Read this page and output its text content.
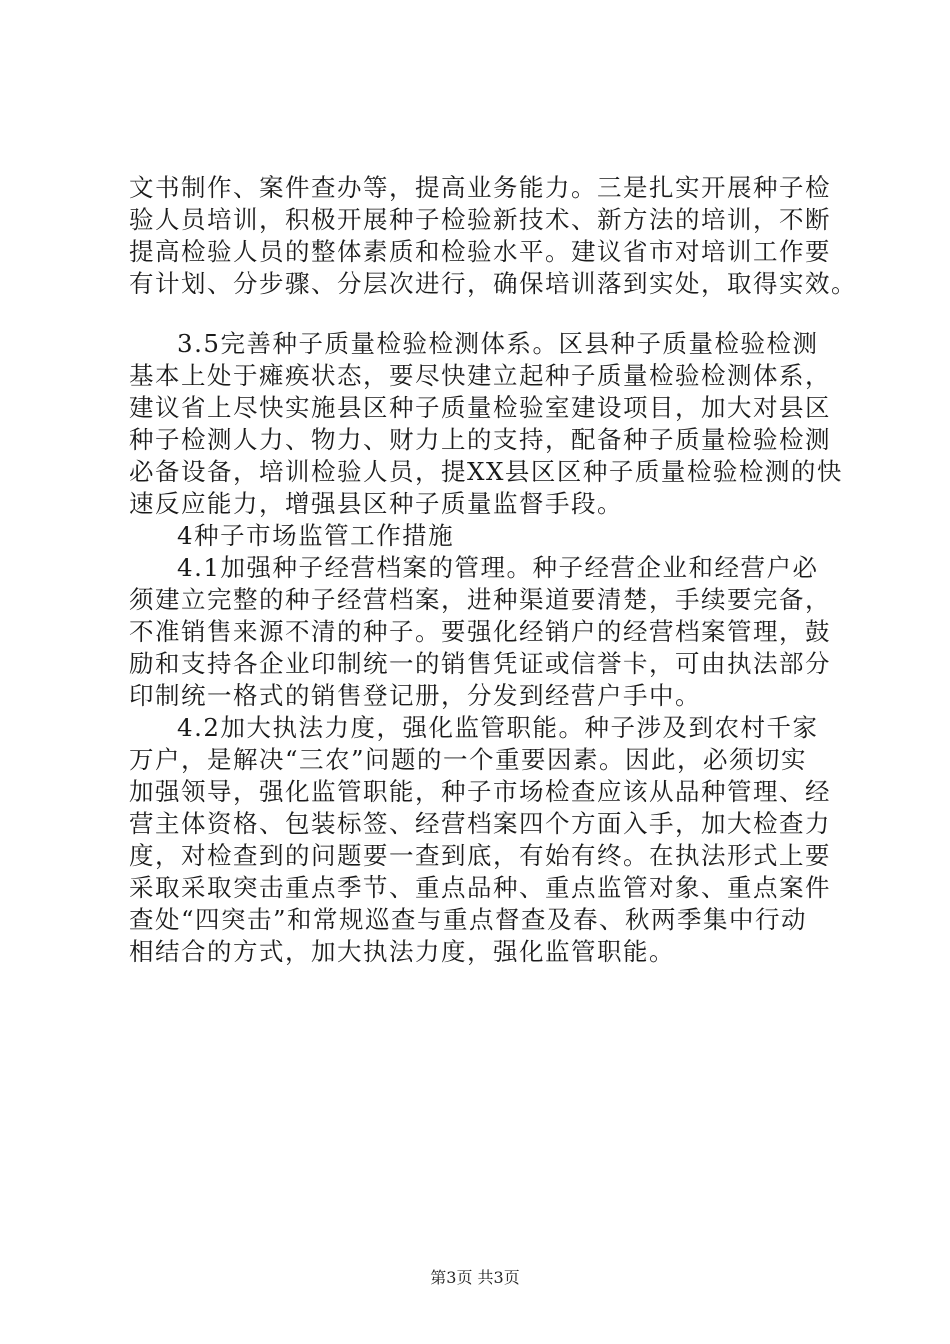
文书制作、案件查办等，提高业务能力。三是扎实开展种子检
验人员培训，积极开展种子检验新技术、新方法的培训，不断
提高检验人员的整体素质和检验水平。建议省市对培训工作要
有计划、分步骤、分层次进行，确保培训落到实处，取得实效。
3.5完善种子质量检验检测体系。区县种子质量检验检测
基本上处于瘫痪状态，要尽快建立起种子质量检验检测体系，
建议省上尽快实施县区种子质量检验室建设项目，加大对县区
种子检测人力、物力、财力上的支持，配备种子质量检验检测
必备设备，培训检验人员，提XX县区区种子质量检验检测的快
速反应能力，增强县区种子质量监督手段。
4种子市场监管工作措施
4.1加强种子经营档案的管理。种子经营企业和经营户必
须建立完整的种子经营档案，进种渠道要清楚，手续要完备，
不准销售来源不清的种子。要强化经销户的经营档案管理，鼓
励和支持各企业印制统一的销售凭证或信誉卡，可由执法部分
印制统一格式的销售登记册，分发到经营户手中。
4.2加大执法力度，强化监管职能。种子涉及到农村千家
万户，是解决“三农”问题的一个重要因素。因此，必须切实
加强领导，强化监管职能，种子市场检查应该从品种管理、经
营主体资格、包装标签、经营档案四个方面入手，加大检查力
度，对检查到的问题要一查到底，有始有终。在执法形式上要
采取采取突击重点季节、重点品种、重点监管对象、重点案件
查处“四突击”和常规巡查与重点督查及春、秋两季集中行动
相结合的方式，加大执法力度，强化监管职能。
第3页 共3页
